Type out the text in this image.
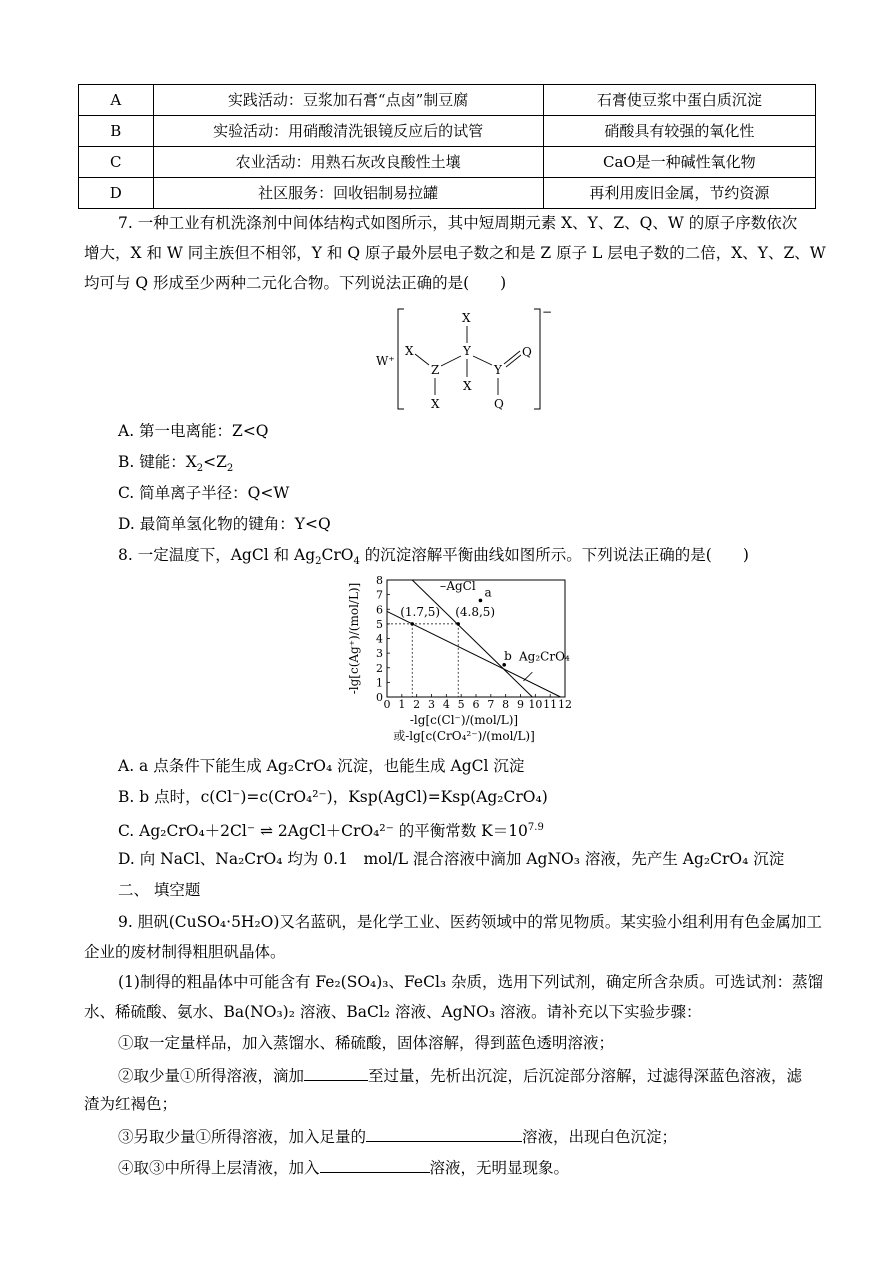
A	实践活动：豆浆加石膏“点卤”制豆腐	石膏使豆浆中蛋白质沉淀
B	实验活动：用硝酸清洗银镜反应后的试管	硝酸具有较强的氧化性
C	农业活动：用熟石灰改良酸性土壤	CaO是一种碱性氧化物
D	社区服务：回收铝制易拉罐	再利用废旧金属，节约资源
7. 一种工业有机洗涤剂中间体结构式如图所示，其中短周期元素 X、Y、Z、Q、W 的原子序数依次
增大，X 和 W 同主族但不相邻，Y 和 Q 原子最外层电子数之和是 Z 原子 L 层电子数的二倍，X、Y、Z、W
均可与 Q 形成至少两种二元化合物。下列说法正确的是(　　)
−
W⁺
X
X
Y
Z
X
Y
Q
X	Q
A. 第一电离能：Z<Q
B. 键能：$X_2<Z_2$
C. 简单离子半径：Q<W
D. 最简单氢化物的键角：Y<Q
8. 一定温度下，AgCl 和 $Ag_2CrO_4$ 的沉淀溶解平衡曲线如图所示。下列说法正确的是(　　)
0 1 2 3 4 5 6 7 8 9 10 11 12
0
1
2
3
4
5
6
7
8
(1.7,5) (4.8,5)
a
b
AgCl
Ag₂CrO₄
-lg[c(Ag⁺)/(mol/L)]
-lg[c(Cl⁻)/(mol/L)]
或-lg[c(CrO₄²⁻)/(mol/L)]
A. a 点条件下能生成 Ag₂CrO₄ 沉淀，也能生成 AgCl 沉淀
B. b 点时，c(Cl⁻)=c(CrO₄²⁻)，Ksp(AgCl)=Ksp(Ag₂CrO₄)
C. Ag₂CrO₄＋2Cl⁻ ⇌ 2AgCl＋CrO₄²⁻ 的平衡常数 $K=10^{7.9}$
D. 向 NaCl、Na₂CrO₄ 均为 0.1　mol/L 混合溶液中滴加 AgNO₃ 溶液，先产生 Ag₂CrO₄ 沉淀
二、 填空题
9. 胆矾(CuSO₄·5H₂O)又名蓝矾，是化学工业、医药领域中的常见物质。某实验小组利用有色金属加工
企业的废材制得粗胆矾晶体。
(1)制得的粗晶体中可能含有 Fe₂(SO₄)₃、FeCl₃ 杂质，选用下列试剂，确定所含杂质。可选试剂：蒸馏
水、稀硫酸、氨水、Ba(NO₃)₂ 溶液、BaCl₂ 溶液、AgNO₃ 溶液。请补充以下实验步骤：
①取一定量样品，加入蒸馏水、稀硫酸，固体溶解，得到蓝色透明溶液；
②取少量①所得溶液，滴加	至过量，先析出沉淀，后沉淀部分溶解，过滤得深蓝色溶液，滤
渣为红褐色；
③另取少量①所得溶液，加入足量的	溶液，出现白色沉淀；
④取③中所得上层清液，加入	溶液，无明显现象。
